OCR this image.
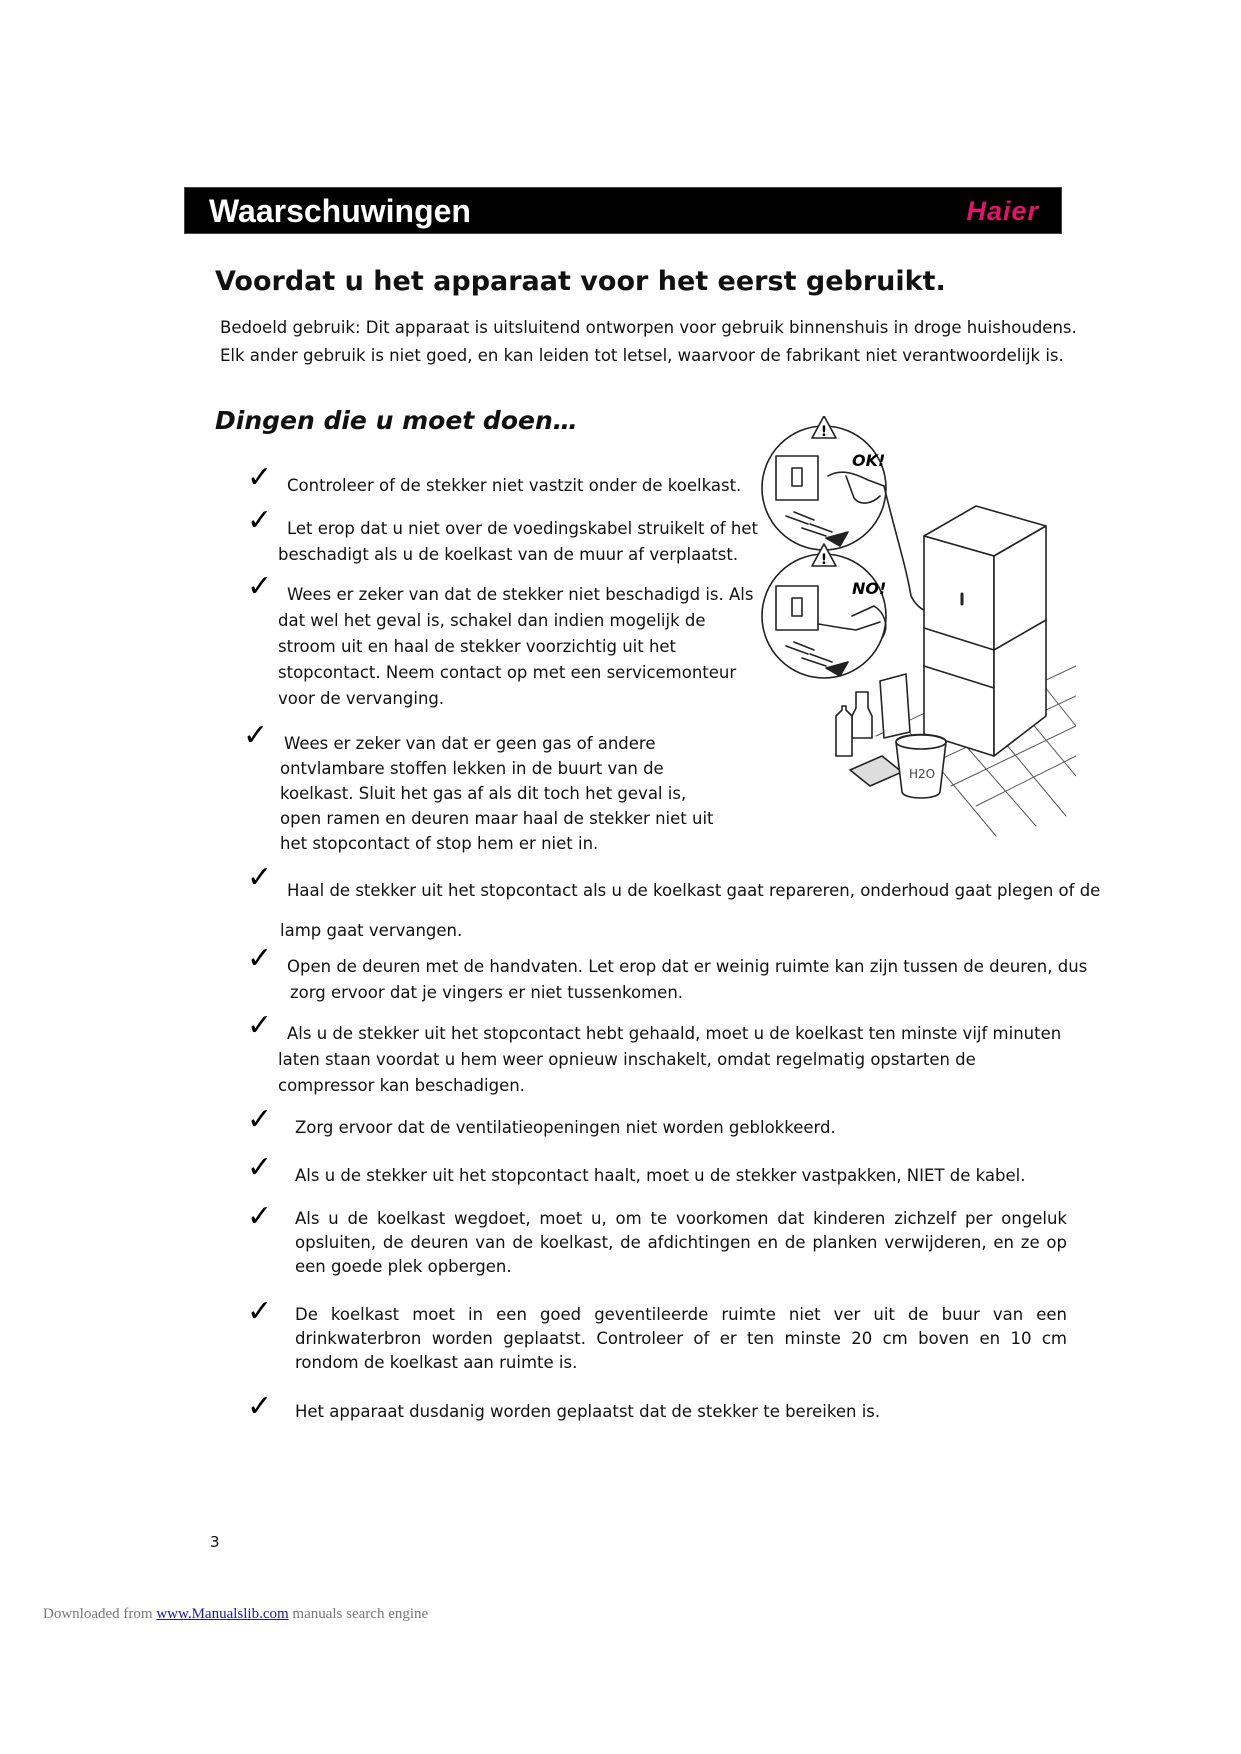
Waarschuwingen	Haier
Voordat u het apparaat voor het eerst gebruikt.
Bedoeld gebruik: Dit apparaat is uitsluitend ontworpen voor gebruik binnenshuis in droge huishoudens.
Elk ander gebruik is niet goed, en kan leiden tot letsel, waarvoor de fabrikant niet verantwoordelijk is.
Dingen die u moet doen…
✓ Controleer of de stekker niet vastzit onder de koelkast.
✓ Let erop dat u niet over de voedingskabel struikelt of het
beschadigt als u de koelkast van de muur af verplaatst.
✓ Wees er zeker van dat de stekker niet beschadigd is. Als
dat wel het geval is, schakel dan indien mogelijk de
stroom uit en haal de stekker voorzichtig uit het
stopcontact. Neem contact op met een servicemonteur
voor de vervanging.
✓ Wees er zeker van dat er geen gas of andere
ontvlambare stoffen lekken in de buurt van de
koelkast. Sluit het gas af als dit toch het geval is,
open ramen en deuren maar haal de stekker niet uit
het stopcontact of stop hem er niet in.
✓ Haal de stekker uit het stopcontact als u de koelkast gaat repareren, onderhoud gaat plegen of de
lamp gaat vervangen.
✓ Open de deuren met de handvaten. Let erop dat er weinig ruimte kan zijn tussen de deuren, dus
zorg ervoor dat je vingers er niet tussenkomen.
✓ Als u de stekker uit het stopcontact hebt gehaald, moet u de koelkast ten minste vijf minuten
laten staan voordat u hem weer opnieuw inschakelt, omdat regelmatig opstarten de
compressor kan beschadigen.
✓ Zorg ervoor dat de ventilatieopeningen niet worden geblokkeerd.
✓ Als u de stekker uit het stopcontact haalt, moet u de stekker vastpakken, NIET de kabel.
✓ Als u de koelkast wegdoet, moet u, om te voorkomen dat kinderen zichzelf per ongeluk opsluiten, de deuren van de koelkast, de afdichtingen en de planken verwijderen, en ze op een goede plek opbergen.
✓ De koelkast moet in een goed geventileerde ruimte niet ver uit de buur van een drinkwaterbron worden geplaatst. Controleer of er ten minste 20 cm boven en 10 cm rondom de koelkast aan ruimte is.
✓ Het apparaat dusdanig worden geplaatst dat de stekker te bereiken is.
!
OK!
!
NO!
H2O
3
Downloaded from www.Manualslib.com manuals search engine
